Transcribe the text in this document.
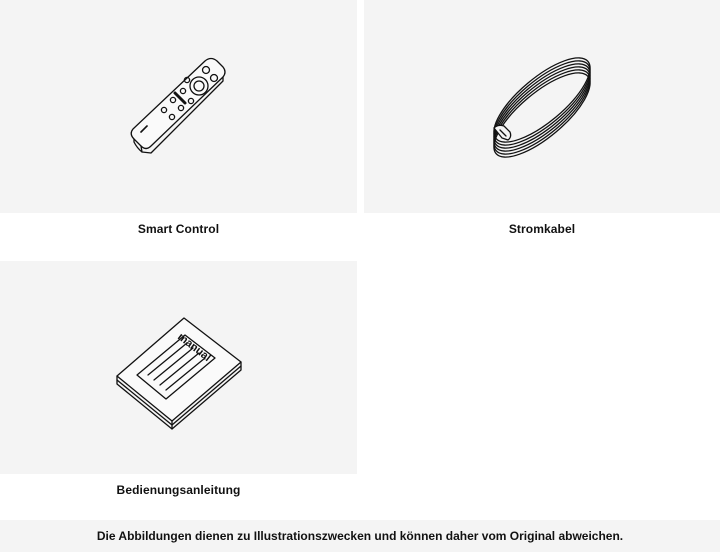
Smart Control	Stromkabel
manual
Bedienungsanleitung
Die Abbildungen dienen zu Illustrationszwecken und können daher vom Original abweichen.
